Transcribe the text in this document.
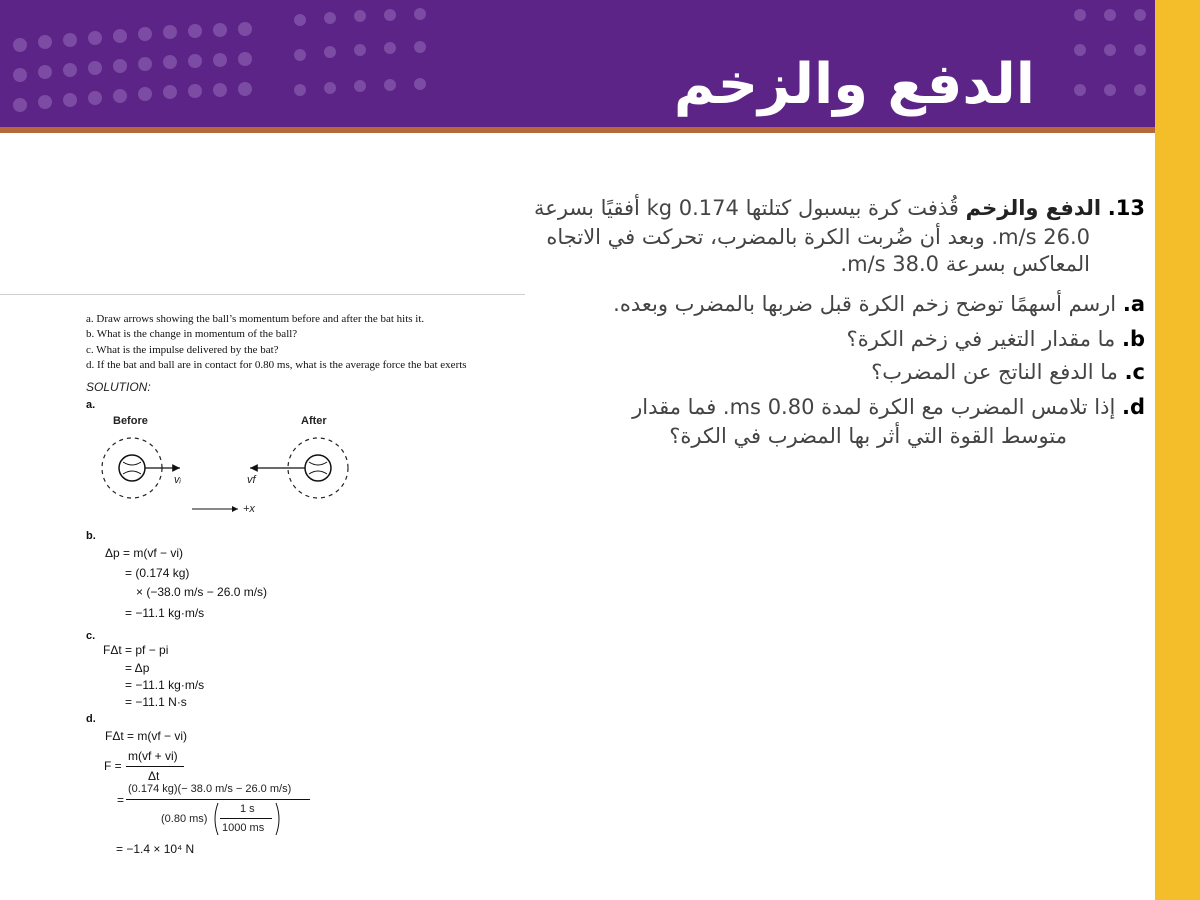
الدفع والزخم
13. الدفع والزخم قُذفت كرة بيسبول كتلتها 0.174 kg أفقيًا بسرعة
26.0 m/s. وبعد أن ضُربت الكرة بالمضرب، تحركت في الاتجاه
المعاكس بسرعة 38.0 m/s.
a. ارسم أسهمًا توضح زخم الكرة قبل ضربها بالمضرب وبعده.
b. ما مقدار التغير في زخم الكرة؟
c. ما الدفع الناتج عن المضرب؟
d. إذا تلامس المضرب مع الكرة لمدة 0.80 ms. فما مقدار
متوسط القوة التي أثر بها المضرب في الكرة؟
a. Draw arrows showing the ball’s momentum before and after the bat hits it.
b. What is the change in momentum of the ball?
c. What is the impulse delivered by the bat?
d. If the bat and ball are in contact for 0.80 ms, what is the average force the bat exerts
SOLUTION:
a.
Before	After
vᵢ	vf
+x
b.
Δp = m(vf − vi)
= (0.174 kg)
× (−38.0 m/s − 26.0 m/s)
= −11.1 kg·m/s
c.
FΔt = pf − pi
= Δp
= −11.1 kg·m/s
= −11.1 N·s
d.
FΔt = m(vf − vi)
F =
m(vf + vi)
Δt
=
(0.174 kg)(− 38.0 m/s − 26.0 m/s)
(0.80 ms)
1 s
1000 ms
= −1.4 × 10⁴ N
